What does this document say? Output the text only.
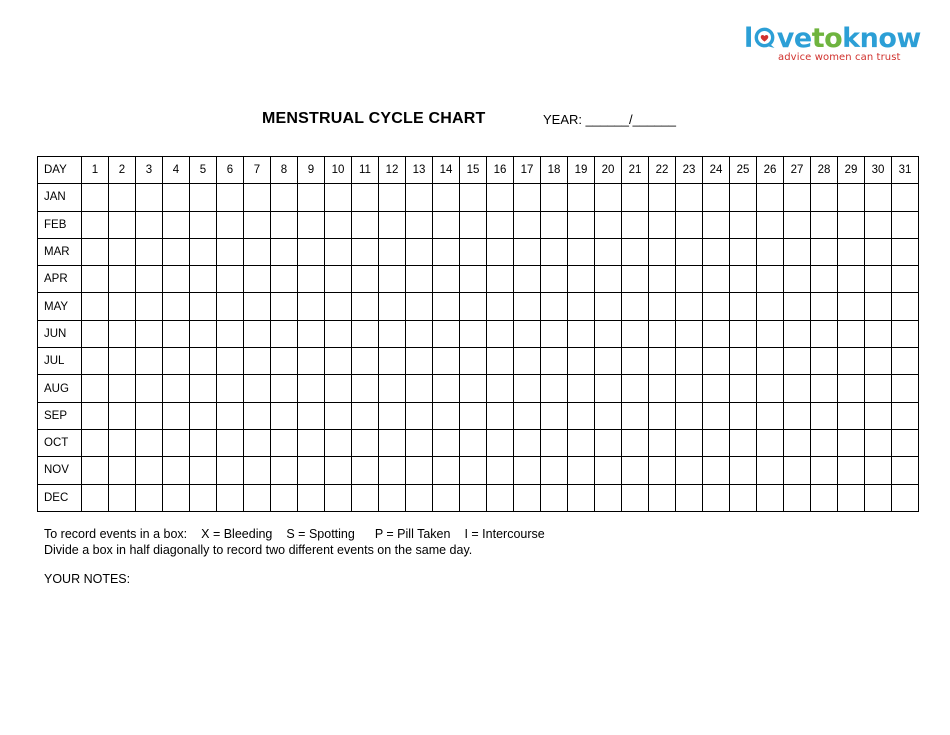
l vetoknow
advice women can trust
MENSTRUAL CYCLE CHART	YEAR: ______/______
DAY	1	2	3	4	5	6	7	8	9	10	11	12	13	14	15	16	17	18	19	20	21	22	23	24	25	26	27	28	29	30	31
JAN																															
FEB																															
MAR																															
APR																															
MAY																															
JUN																															
JUL																															
AUG																															
SEP																															
OCT																															
NOV																															
DEC																															
To record events in a box: X = Bleeding S = Spotting P = Pill Taken I = Intercourse
Divide a box in half diagonally to record two different events on the same day.
YOUR NOTES:
